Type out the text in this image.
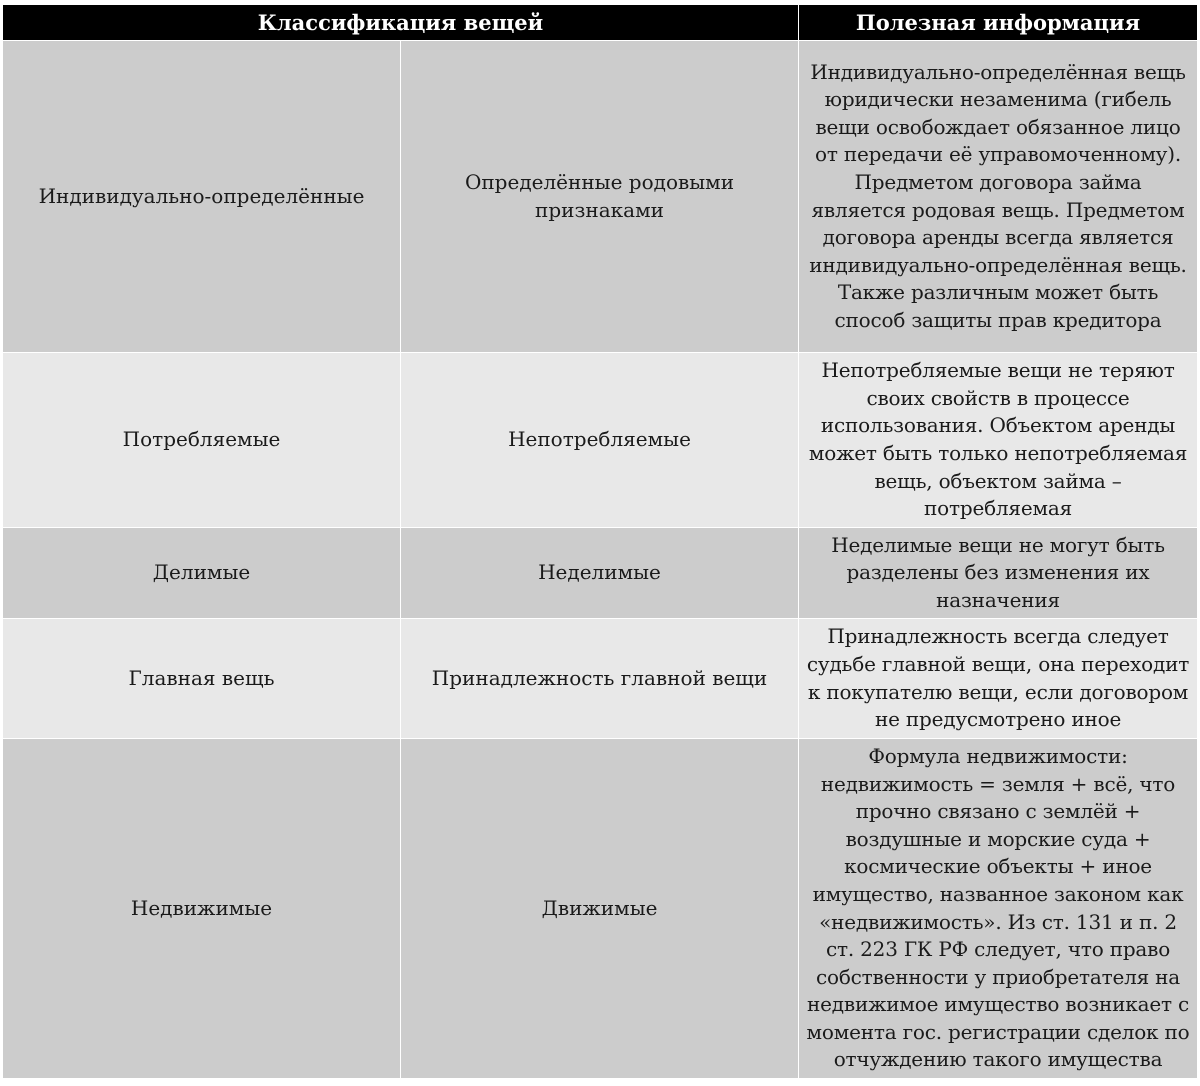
Классификация вещей		Полезная информация
Индивидуально-определённые	Определённые родовыми признаками	Индивидуально-определённая вещь юридически незаменима (гибель вещи освобождает обязанное лицо от передачи её управомоченному). Предметом договора займа является родовая вещь. Предметом договора аренды всегда является индивидуально-определённая вещь. Также различным может быть способ защиты прав кредитора
Потребляемые	Непотребляемые	Непотребляемые вещи не теряют своих свойств в процессе использования. Объектом аренды может быть только непотребляемая вещь, объектом займа – потребляемая
Делимые	Неделимые	Неделимые вещи не могут быть разделены без изменения их назначения
Главная вещь	Принадлежность главной вещи	Принадлежность всегда следует судьбе главной вещи, она переходит к покупателю вещи, если договором не предусмотрено иное
Недвижимые	Движимые	Формула недвижимости: недвижимость = земля + всё, что прочно связано с землёй + воздушные и морские суда + космические объекты + иное имущество, названное законом как «недвижимость». Из ст. 131 и п. 2 ст. 223 ГК РФ следует, что право собственности у приобретателя на недвижимое имущество возникает с момента гос. регистрации сделок по отчуждению такого имущества
